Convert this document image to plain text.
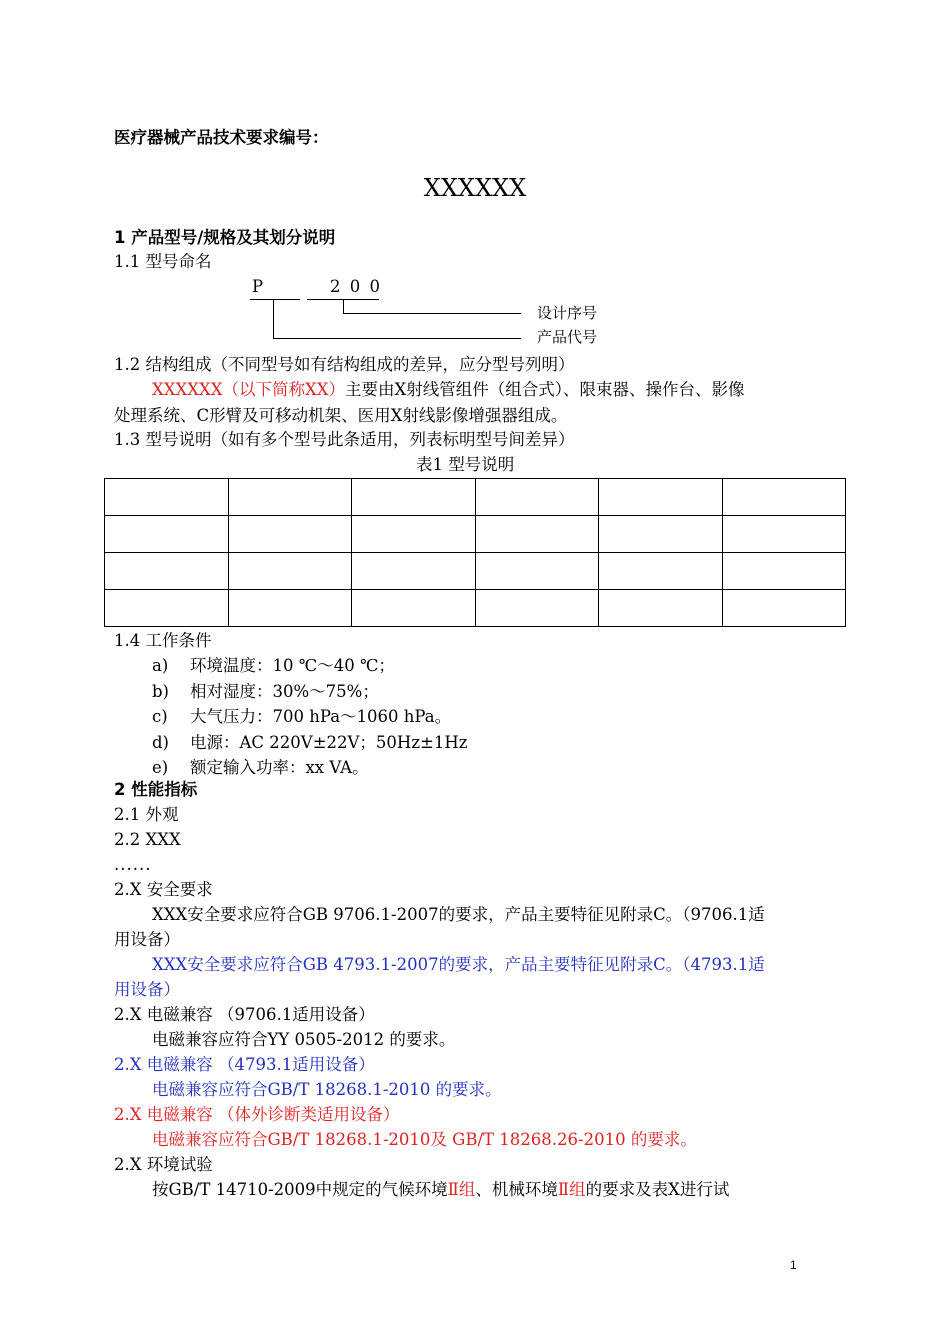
医疗器械产品技术要求编号：
XXXXXX
1 产品型号/规格及其划分说明
1.1 型号命名
P	2 0 0
设计序号
产品代号
1.2 结构组成（不同型号如有结构组成的差异，应分型号列明）
XXXXXX（以下简称XX）主要由X射线管组件（组合式）、限束器、操作台、影像
处理系统、C形臂及可移动机架、医用X射线影像增强器组成。
1.3 型号说明（如有多个型号此条适用，列表标明型号间差异）
表1 型号说明

1.4 工作条件
a) 环境温度：10 ℃～40 ℃；
b) 相对湿度：30%～75%；
c) 大气压力：700 hPa～1060 hPa。
d) 电源：AC 220V±22V；50Hz±1Hz
e) 额定输入功率：xx VA。
2 性能指标
2.1 外观
2.2 XXX
......
2.X 安全要求
XXX安全要求应符合GB 9706.1-2007的要求，产品主要特征见附录C。（9706.1适
用设备）
XXX安全要求应符合GB 4793.1-2007的要求，产品主要特征见附录C。（4793.1适
用设备）
2.X 电磁兼容 （9706.1适用设备）
电磁兼容应符合YY 0505-2012 的要求。
2.X 电磁兼容 （4793.1适用设备）
电磁兼容应符合GB/T 18268.1-2010 的要求。
2.X 电磁兼容 （体外诊断类适用设备）
电磁兼容应符合GB/T 18268.1-2010及 GB/T 18268.26-2010 的要求。
2.X 环境试验
按GB/T 14710-2009中规定的气候环境Ⅱ组、机械环境Ⅱ组的要求及表X进行试
1
